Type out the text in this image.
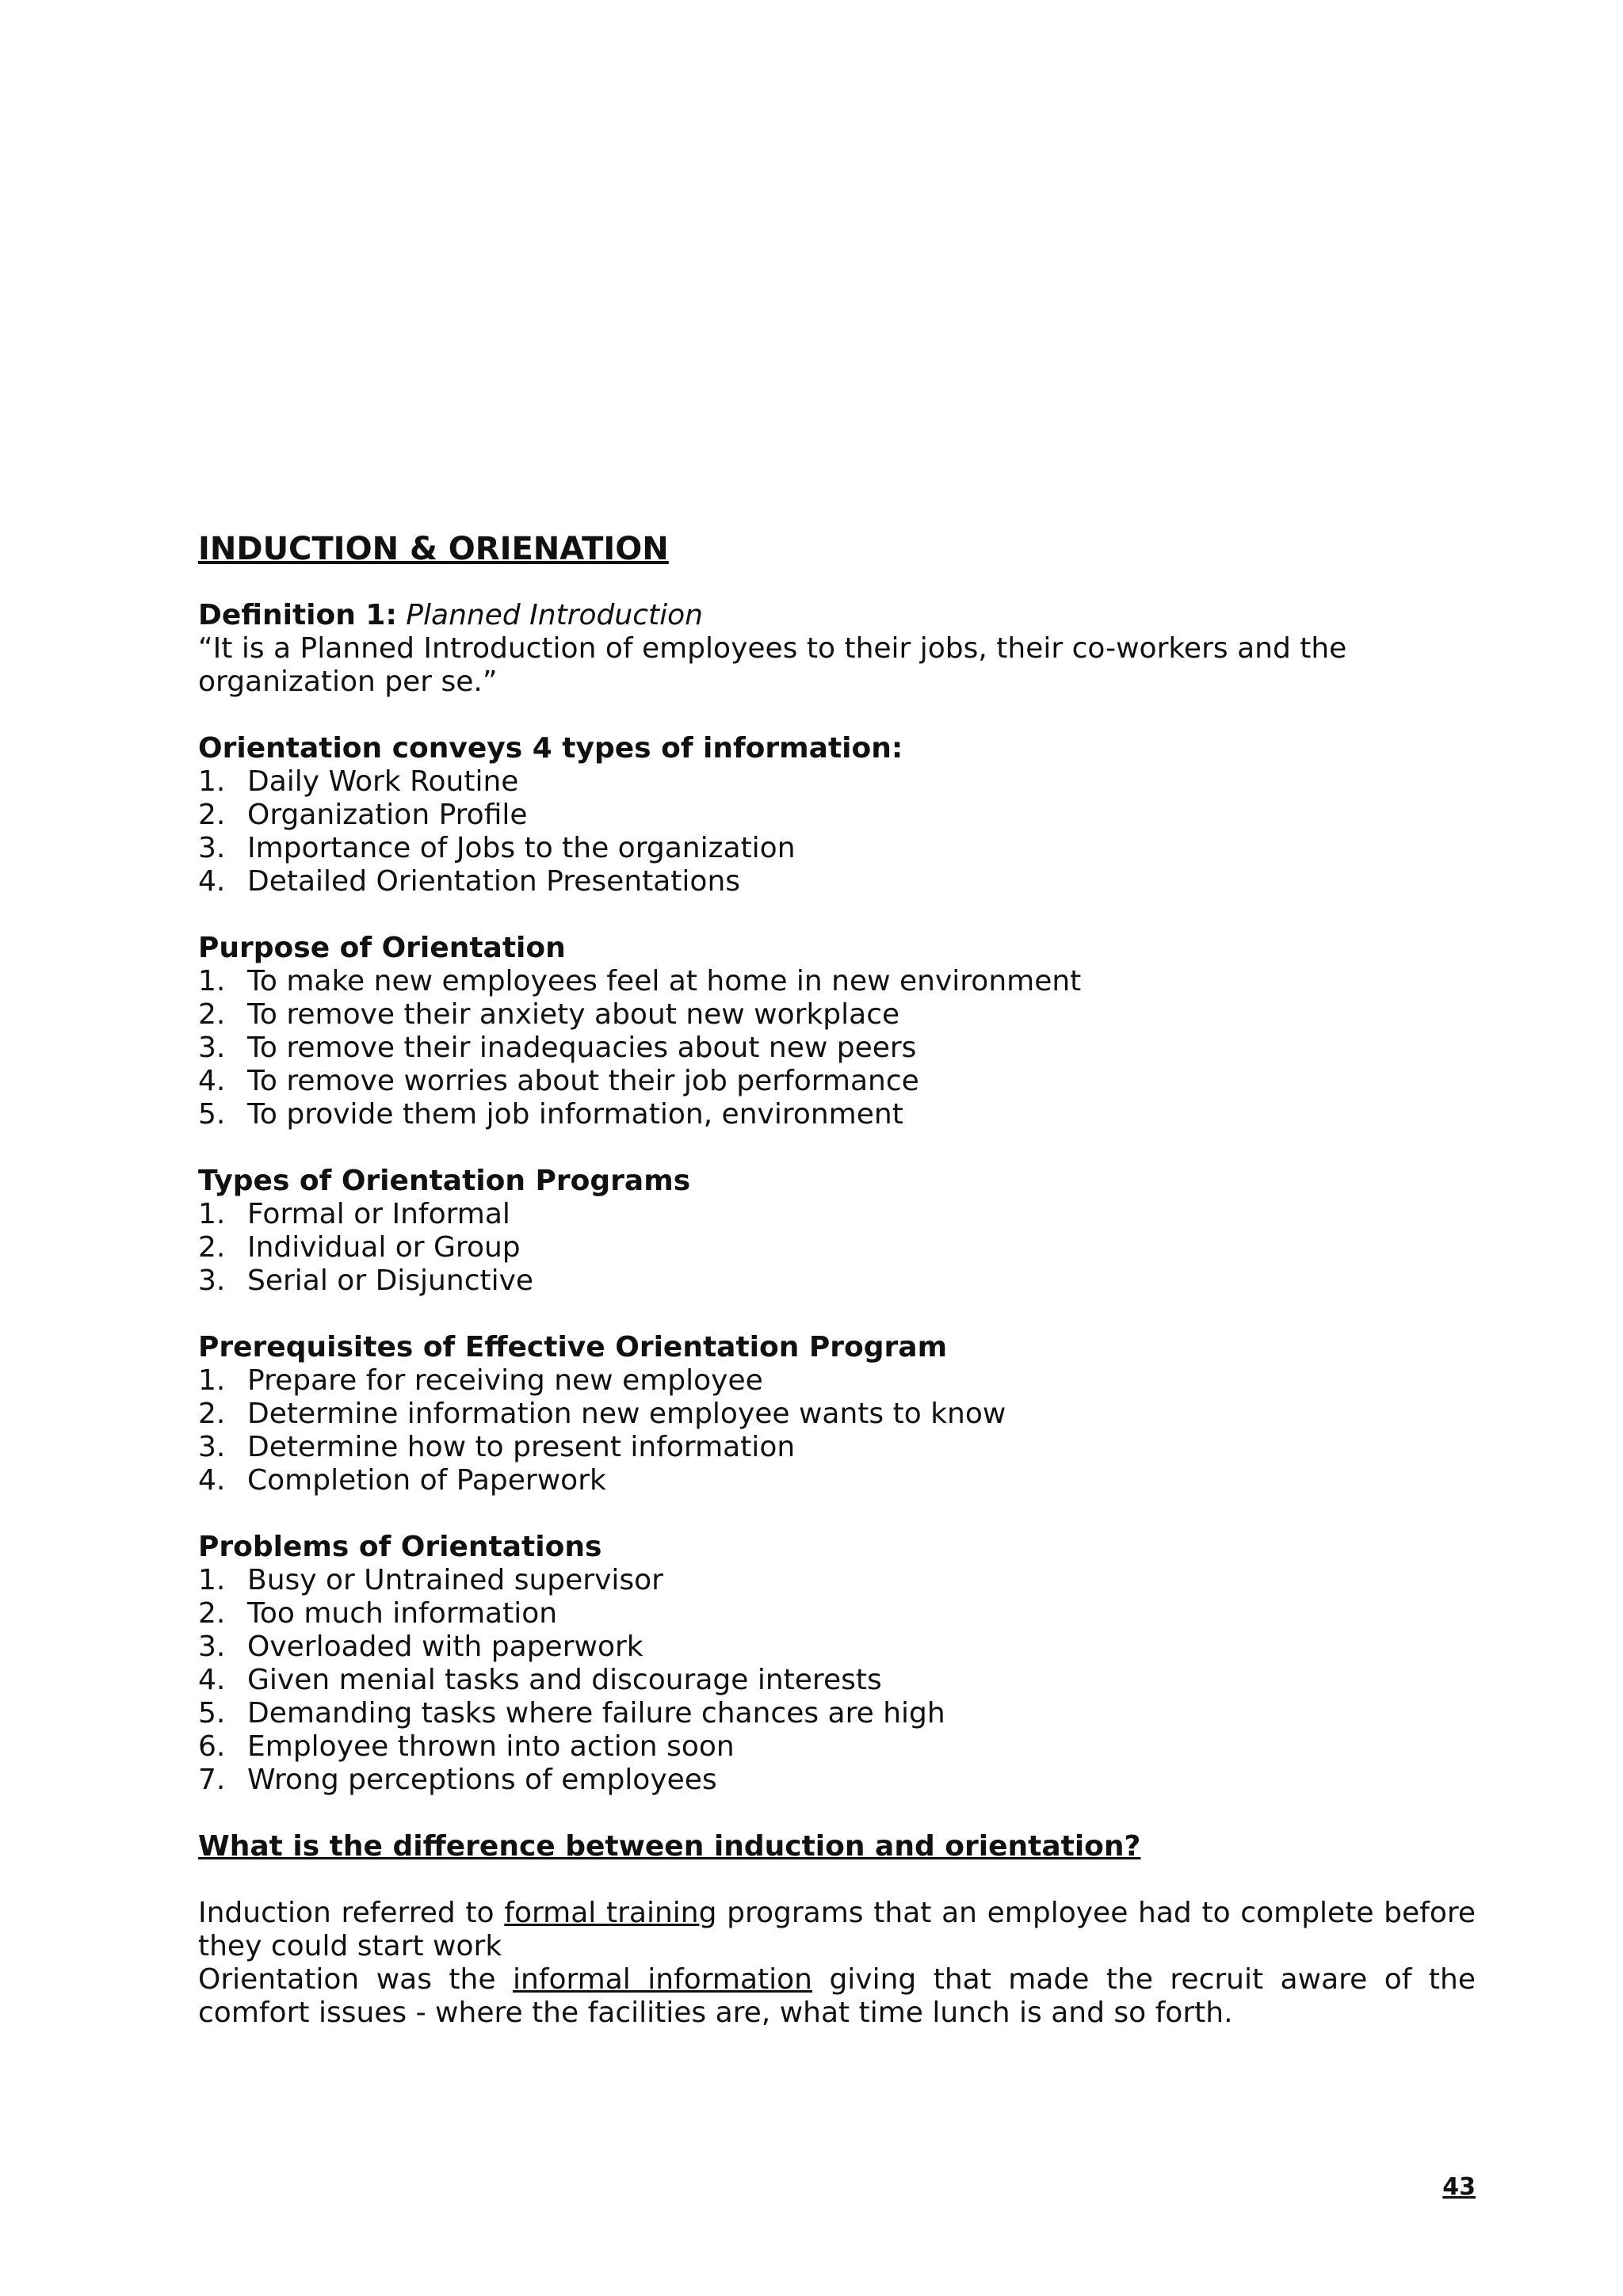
INDUCTION & ORIENATION

Definition 1: Planned Introduction

“It is a Planned Introduction of employees to their jobs, their co-workers and the organization per se.”

Orientation conveys 4 types of information:

1. Daily Work Routine
2. Organization Profile
3. Importance of Jobs to the organization
4. Detailed Orientation Presentations

Purpose of Orientation

1. To make new employees feel at home in new environment
2. To remove their anxiety about new workplace
3. To remove their inadequacies about new peers
4. To remove worries about their job performance
5. To provide them job information, environment

Types of Orientation Programs

1. Formal or Informal
2. Individual or Group
3. Serial or Disjunctive

Prerequisites of Effective Orientation Program

1. Prepare for receiving new employee
2. Determine information new employee wants to know
3. Determine how to present information
4. Completion of Paperwork

Problems of Orientations

1. Busy or Untrained supervisor
2. Too much information
3. Overloaded with paperwork
4. Given menial tasks and discourage interests
5. Demanding tasks where failure chances are high
6. Employee thrown into action soon
7. Wrong perceptions of employees
What is the difference between induction and orientation?

Induction referred to formal training programs that an employee had to complete before they could start work

Orientation was the informal information giving that made the recruit aware of the comfort issues - where the facilities are, what time lunch is and so forth.

43
